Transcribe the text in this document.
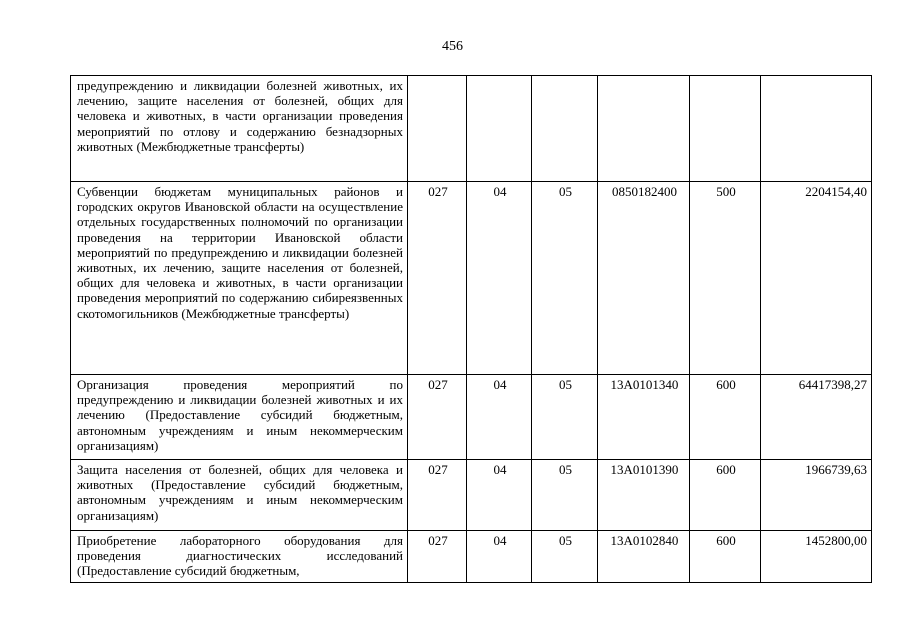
456
предупреждению и ликвидации болезней животных, их лечению, защите населения от болезней, общих для человека и животных, в части организации проведения мероприятий по отлову и содержанию безнадзорных животных (Межбюджетные трансферты)						
Субвенции бюджетам муниципальных районов и городских округов Ивановской области на осуществление отдельных государственных полномочий по организации проведения на территории Ивановской области мероприятий по предупреждению и ликвидации болезней животных, их лечению, защите населения от болезней, общих для человека и животных, в части организации проведения мероприятий по содержанию сибиреязвенных скотомогильников (Межбюджетные трансферты)	027	04	05	0850182400	500	2204154,40
Организация проведения мероприятий по предупреждению и ликвидации болезней животных и их лечению (Предоставление субсидий бюджетным, автономным учреждениям и иным некоммерческим организациям)	027	04	05	13А0101340	600	64417398,27
Защита населения от болезней, общих для человека и животных (Предоставление субсидий бюджетным, автономным учреждениям и иным некоммерческим организациям)	027	04	05	13А0101390	600	1966739,63
Приобретение лабораторного оборудования для проведения диагностических исследований (Предоставление субсидий бюджетным,	027	04	05	13А0102840	600	1452800,00
